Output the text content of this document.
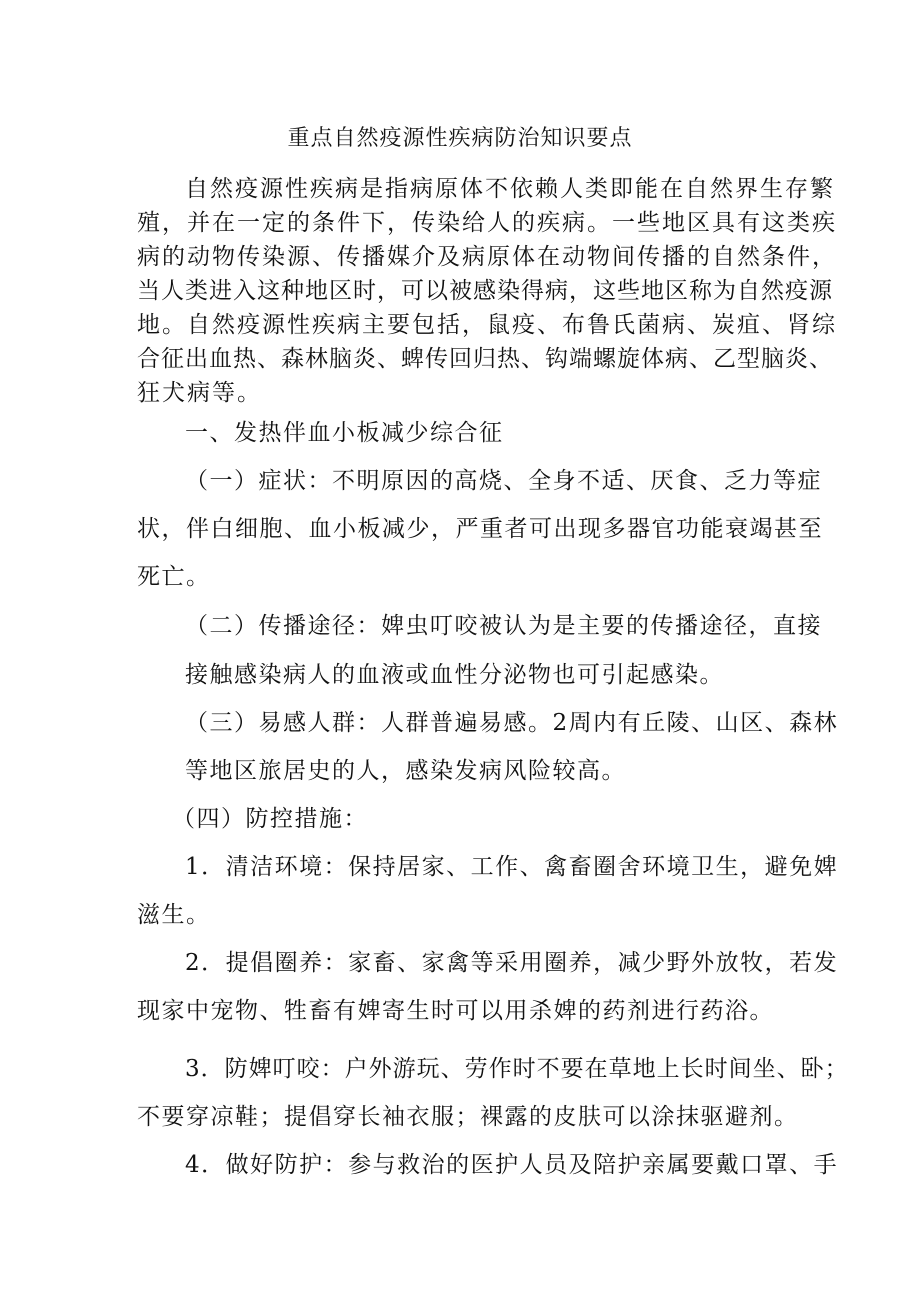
重点自然疫源性疾病防治知识要点
自然疫源性疾病是指病原体不依赖人类即能在自然界生存繁
殖，并在一定的条件下，传染给人的疾病。一些地区具有这类疾
病的动物传染源、传播媒介及病原体在动物间传播的自然条件，
当人类进入这种地区时，可以被感染得病，这些地区称为自然疫源
地。自然疫源性疾病主要包括，鼠疫、布鲁氏菌病、炭疽、肾综
合征出血热、森林脑炎、蜱传回归热、钩端螺旋体病、乙型脑炎、
狂犬病等。
一、发热伴血小板减少综合征
（一）症状：不明原因的高烧、全身不适、厌食、乏力等症
状，伴白细胞、血小板减少，严重者可出现多器官功能衰竭甚至
死亡。
（二）传播途径：婢虫叮咬被认为是主要的传播途径，直接
接触感染病人的血液或血性分泌物也可引起感染。
（三）易感人群：人群普遍易感。2周内有丘陵、山区、森林
等地区旅居史的人，感染发病风险较高。
（四）防控措施：
1．清洁环境：保持居家、工作、禽畜圈舍环境卫生，避免婢
滋生。
2．提倡圈养：家畜、家禽等采用圈养，减少野外放牧，若发
现家中宠物、牲畜有婢寄生时可以用杀婢的药剂进行药浴。
3．防婢叮咬：户外游玩、劳作时不要在草地上长时间坐、卧；
不要穿凉鞋；提倡穿长袖衣服；裸露的皮肤可以涂抹驱避剂。
4．做好防护：参与救治的医护人员及陪护亲属要戴口罩、手
